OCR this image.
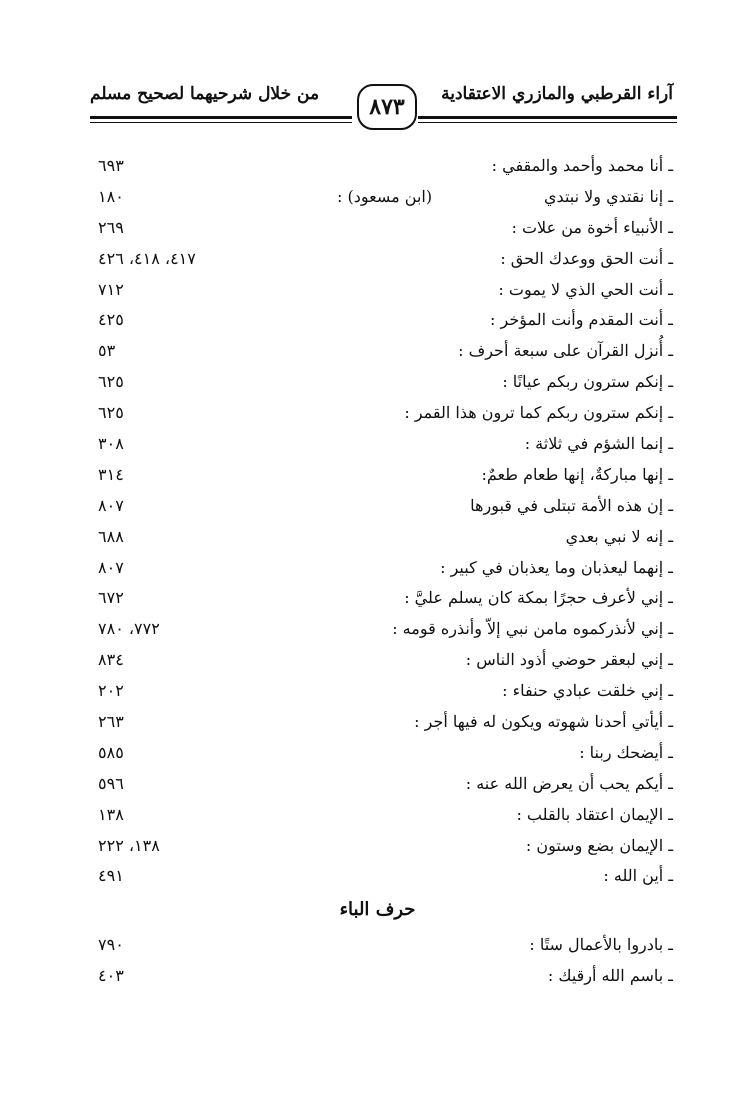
آراء القرطبي والمازري الاعتقادية
من خلال شرحيهما لصحيح مسلم	٨٧٣
ـ أنا محمد وأحمد والمقفي :
٦٩٣
ـ إنا نقتدي ولا نبتدي
(ابن مسعود) :
١٨٠
ـ الأنبياء أخوة من علات :
٢٦٩
ـ أنت الحق ووعدك الحق :
٤١٧، ٤١٨، ٤٢٦
ـ أنت الحي الذي لا يموت :
٧١٢
ـ أنت المقدم وأنت المؤخر :
٤٢٥
ـ أُنزل القرآن على سبعة أحرف :
٥٣
ـ إنكم سترون ربكم عيانًا :
٦٢٥
ـ إنكم سترون ربكم كما ترون هذا القمر :
٦٢٥
ـ إنما الشؤم في ثلاثة :
٣٠٨
ـ إنها مباركةٌ، إنها طعام طعمٌ:
٣١٤
ـ إن هذه الأمة تبتلى في قبورها
٨٠٧
ـ إنه لا نبي بعدي
٦٨٨
ـ إنهما ليعذبان وما يعذبان في كبير :
٨٠٧
ـ إني لأعرف حجرًا بمكة كان يسلم عليَّ :
٦٧٢
ـ إني لأنذركموه مامن نبي إلاّ وأنذره قومه :
٧٧٢، ٧٨٠
ـ إني لبعقر حوضي أذود الناس :
٨٣٤
ـ إني خلقت عبادي حنفاء :
٢٠٢
ـ أيأتي أحدنا شهوته ويكون له فيها أجر :
٢٦٣
ـ أيضحك ربنا :
٥٨٥
ـ أيكم يحب أن يعرض الله عنه :
٥٩٦
ـ الإيمان اعتقاد بالقلب :
١٣٨
ـ الإيمان بضع وستون :
١٣٨، ٢٢٢
ـ أين الله :
٤٩١
حرف الباء
ـ بادروا بالأعمال ستًا :
٧٩٠
ـ باسم الله أرقيك :
٤٠٣
